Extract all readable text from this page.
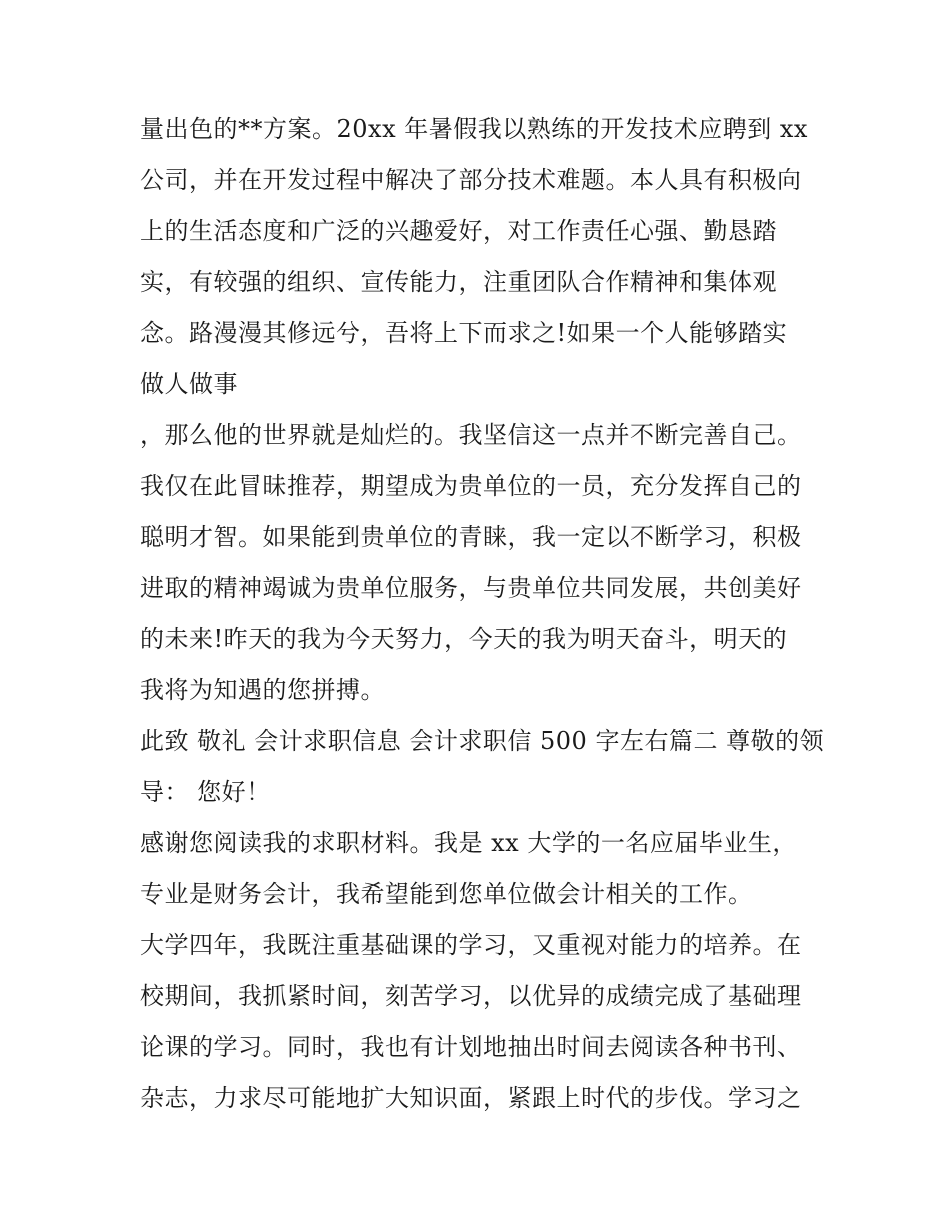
量出色的**方案。20xx 年暑假我以熟练的开发技术应聘到 xx
公司，并在开发过程中解决了部分技术难题。本人具有积极向
上的生活态度和广泛的兴趣爱好，对工作责任心强、勤恳踏
实，有较强的组织、宣传能力，注重团队合作精神和集体观
念。路漫漫其修远兮，吾将上下而求之!如果一个人能够踏实
做人做事
，那么他的世界就是灿烂的。我坚信这一点并不断完善自己。
我仅在此冒昧推荐，期望成为贵单位的一员，充分发挥自己的
聪明才智。如果能到贵单位的青睐，我一定以不断学习，积极
进取的精神竭诚为贵单位服务，与贵单位共同发展，共创美好
的未来!昨天的我为今天努力，今天的我为明天奋斗，明天的
我将为知遇的您拼搏。
此致 敬礼 会计求职信息 会计求职信 500 字左右篇二 尊敬的领
导： 您好！
感谢您阅读我的求职材料。我是 xx 大学的一名应届毕业生，
专业是财务会计，我希望能到您单位做会计相关的工作。
大学四年，我既注重基础课的学习，又重视对能力的培养。在
校期间，我抓紧时间，刻苦学习，以优异的成绩完成了基础理
论课的学习。同时，我也有计划地抽出时间去阅读各种书刊、
杂志，力求尽可能地扩大知识面，紧跟上时代的步伐。学习之
